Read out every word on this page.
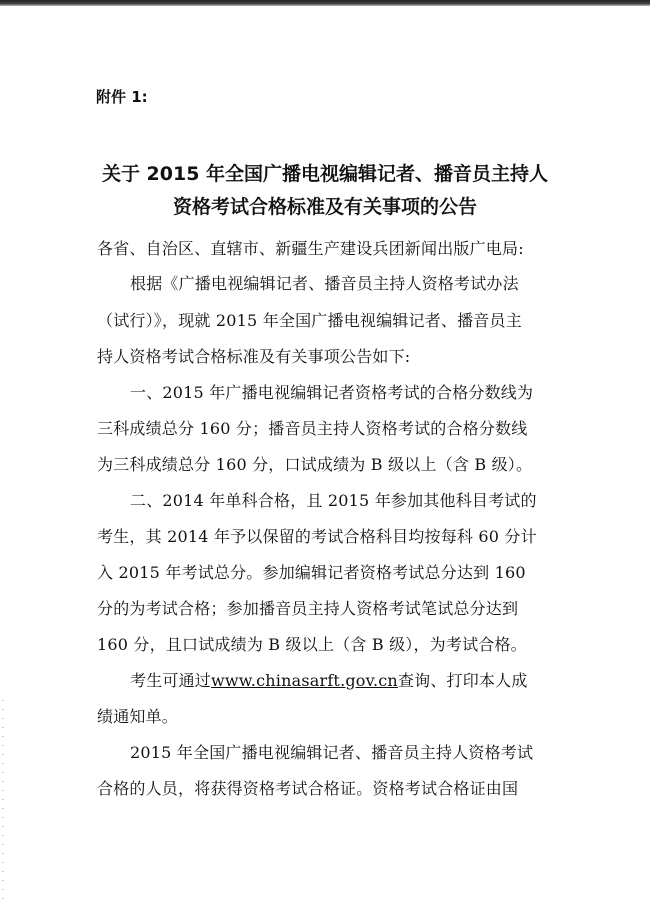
附件 1:
关于 2015 年全国广播电视编辑记者、播音员主持人
资格考试合格标准及有关事项的公告
各省、自治区、直辖市、新疆生产建设兵团新闻出版广电局:
根据《广播电视编辑记者、播音员主持人资格考试办法
（试行）》，现就 2015 年全国广播电视编辑记者、播音员主
持人资格考试合格标准及有关事项公告如下:
一、2015 年广播电视编辑记者资格考试的合格分数线为
三科成绩总分 160 分；播音员主持人资格考试的合格分数线
为三科成绩总分 160 分，口试成绩为 B 级以上（含 B 级）。
二、2014 年单科合格，且 2015 年参加其他科目考试的
考生，其 2014 年予以保留的考试合格科目均按每科 60 分计
入 2015 年考试总分。参加编辑记者资格考试总分达到 160
分的为考试合格；参加播音员主持人资格考试笔试总分达到
160 分，且口试成绩为 B 级以上（含 B 级），为考试合格。
考生可通过www.chinasarft.gov.cn查询、打印本人成
绩通知单。
2015 年全国广播电视编辑记者、播音员主持人资格考试
合格的人员，将获得资格考试合格证。资格考试合格证由国
